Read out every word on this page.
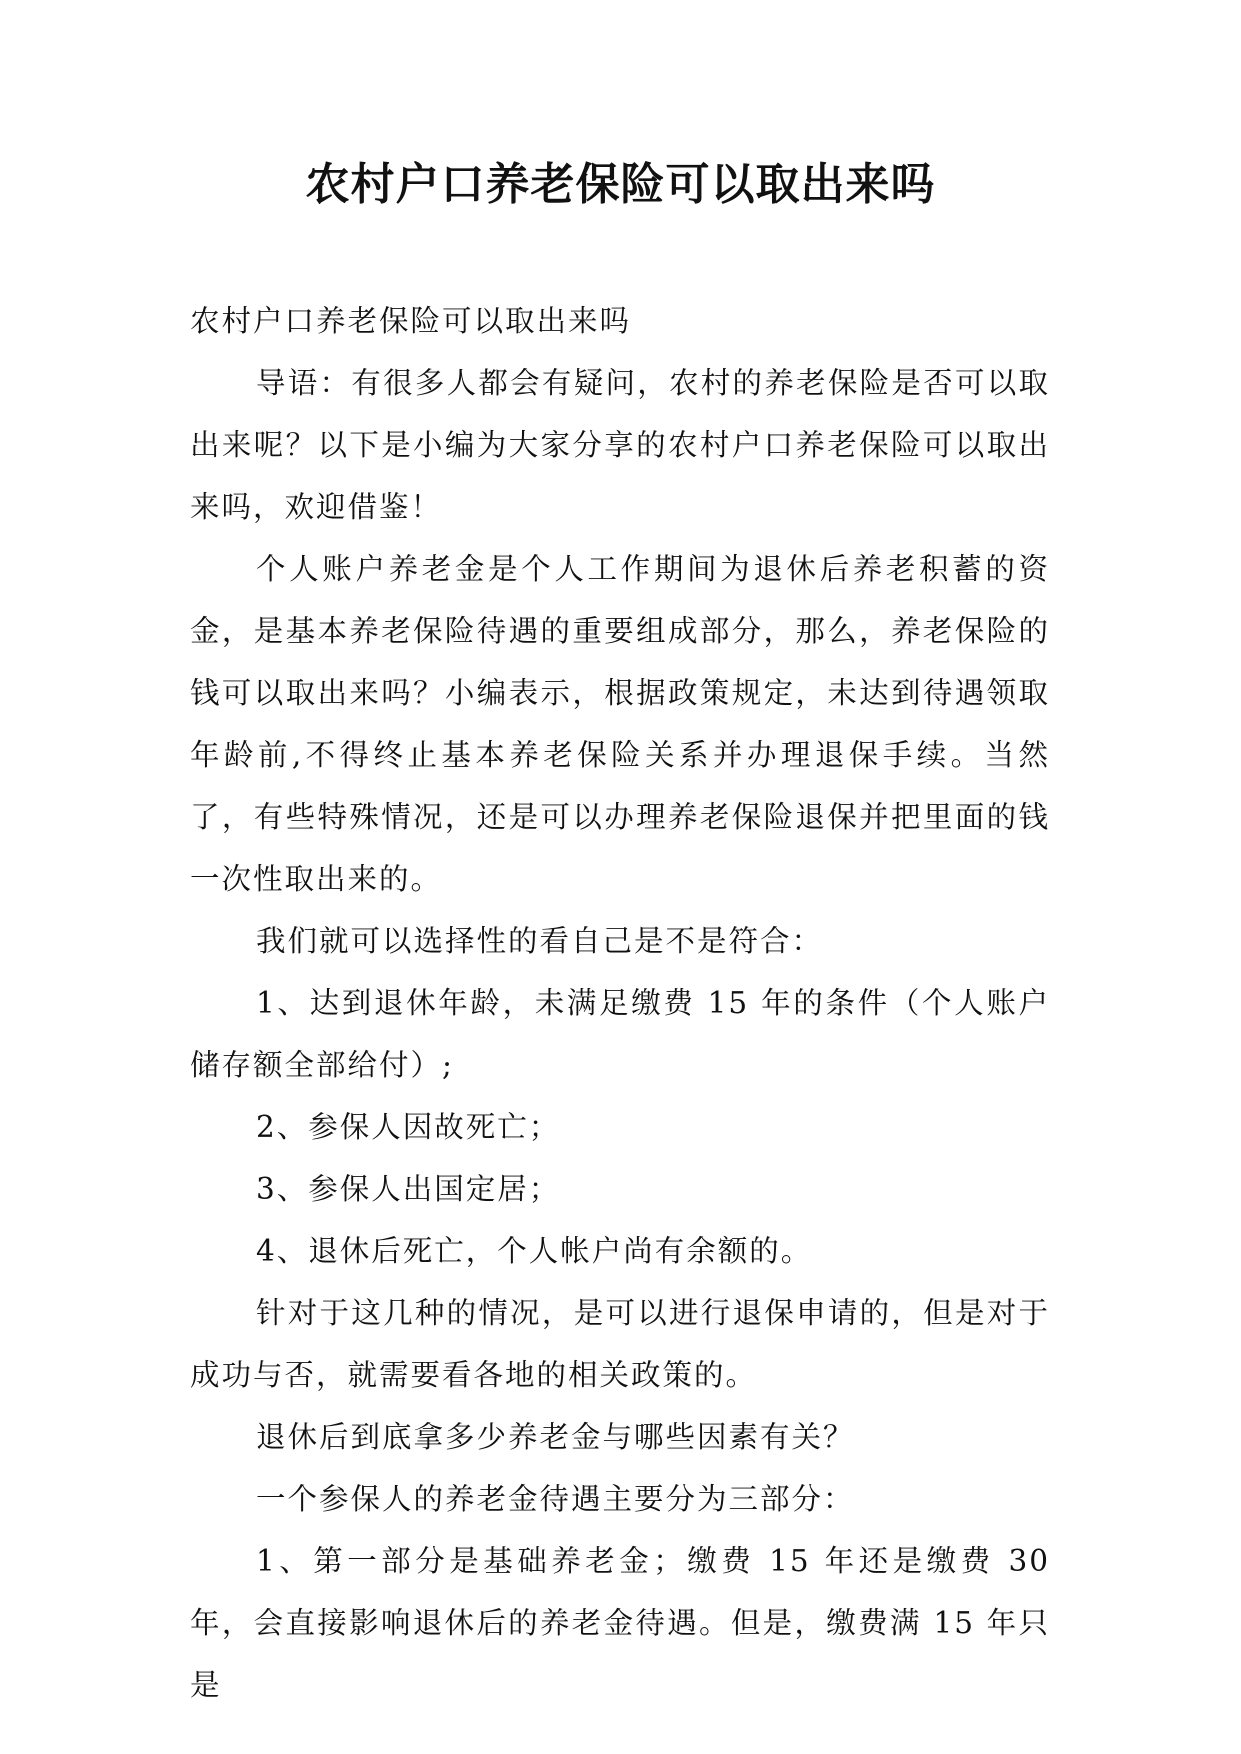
农村户口养老保险可以取出来吗

农村户口养老保险可以取出来吗

导语：有很多人都会有疑问，农村的养老保险是否可以取出来呢？以下是小编为大家分享的农村户口养老保险可以取出来吗，欢迎借鉴！

个人账户养老金是个人工作期间为退休后养老积蓄的资金，是基本养老保险待遇的重要组成部分，那么，养老保险的钱可以取出来吗？小编表示，根据政策规定，未达到待遇领取年龄前,不得终止基本养老保险关系并办理退保手续。当然了，有些特殊情况，还是可以办理养老保险退保并把里面的钱一次性取出来的。

我们就可以选择性的看自己是不是符合：

1、达到退休年龄，未满足缴费 15 年的条件（个人账户储存额全部给付）;

2、参保人因故死亡；

3、参保人出国定居；

4、退休后死亡，个人帐户尚有余额的。

针对于这几种的情况，是可以进行退保申请的，但是对于成功与否，就需要看各地的相关政策的。

退休后到底拿多少养老金与哪些因素有关？

一个参保人的养老金待遇主要分为三部分：

1、第一部分是基础养老金；缴费 15 年还是缴费 30 年，会直接影响退休后的养老金待遇。但是，缴费满 15 年只是
